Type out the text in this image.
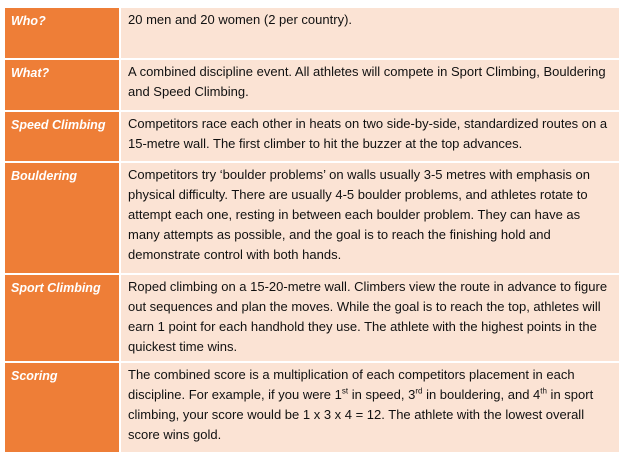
Who?	20 men and 20 women (2 per country).
What?	A combined discipline event. All athletes will compete in Sport Climbing, Bouldering and Speed Climbing.
Speed Climbing	Competitors race each other in heats on two side-by-side, standardized routes on a 15-metre wall. The first climber to hit the buzzer at the top advances.
Bouldering	Competitors try ‘boulder problems’ on walls usually 3-5 metres with emphasis on physical difficulty. There are usually 4-5 boulder problems, and athletes rotate to attempt each one, resting in between each boulder problem. They can have as many attempts as possible, and the goal is to reach the finishing hold and demonstrate control with both hands.
Sport Climbing	Roped climbing on a 15-20-metre wall. Climbers view the route in advance to figure out sequences and plan the moves. While the goal is to reach the top, athletes will earn 1 point for each handhold they use. The athlete with the highest points in the quickest time wins.
Scoring	The combined score is a multiplication of each competitors placement in each discipline. For example, if you were 1st in speed, 3rd in bouldering, and 4th in sport climbing, your score would be 1 x 3 x 4 = 12. The athlete with the lowest overall score wins gold.
